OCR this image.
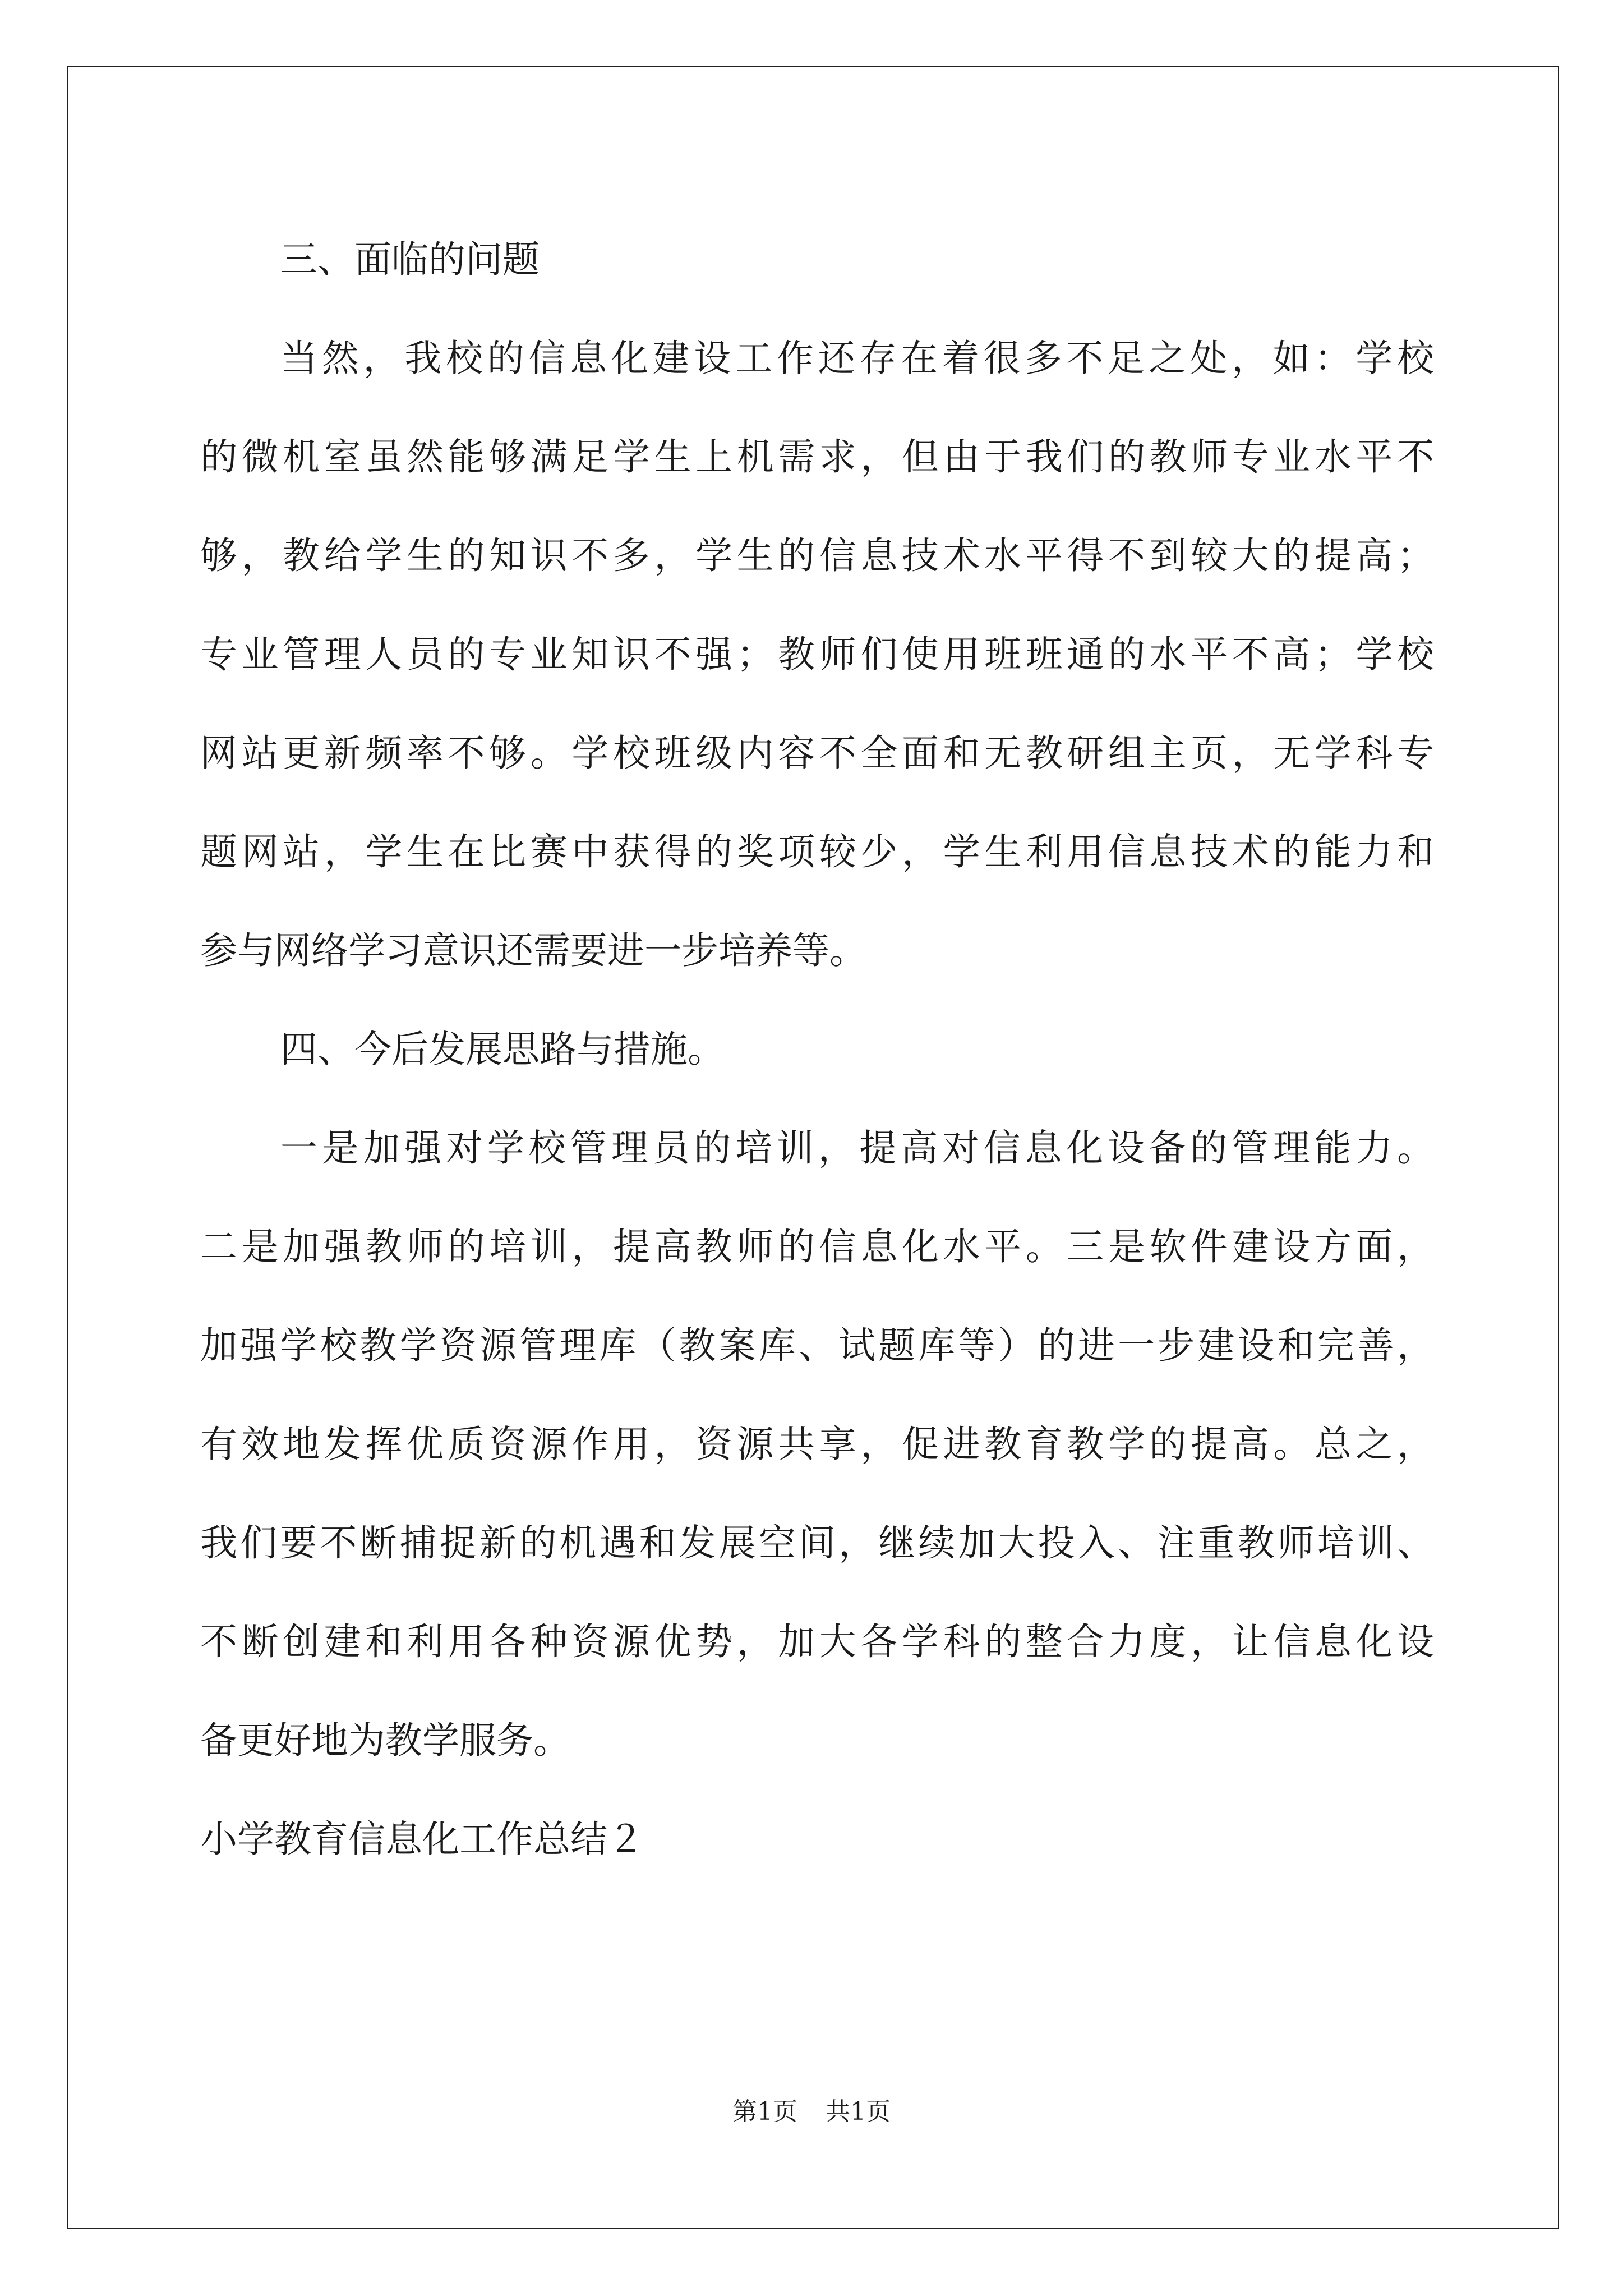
三、面临的问题
当然，我校的信息化建设工作还存在着很多不足之处，如：学校
的微机室虽然能够满足学生上机需求，但由于我们的教师专业水平不
够，教给学生的知识不多，学生的信息技术水平得不到较大的提高；
专业管理人员的专业知识不强；教师们使用班班通的水平不高；学校
网站更新频率不够。学校班级内容不全面和无教研组主页，无学科专
题网站，学生在比赛中获得的奖项较少，学生利用信息技术的能力和
参与网络学习意识还需要进一步培养等。
四、今后发展思路与措施。
一是加强对学校管理员的培训，提高对信息化设备的管理能力。
二是加强教师的培训，提高教师的信息化水平。三是软件建设方面，
加强学校教学资源管理库（教案库、试题库等）的进一步建设和完善，
有效地发挥优质资源作用，资源共享，促进教育教学的提高。总之，
我们要不断捕捉新的机遇和发展空间，继续加大投入、注重教师培训、
不断创建和利用各种资源优势，加大各学科的整合力度，让信息化设
备更好地为教学服务。
小学教育信息化工作总结２
第1页 共1页
